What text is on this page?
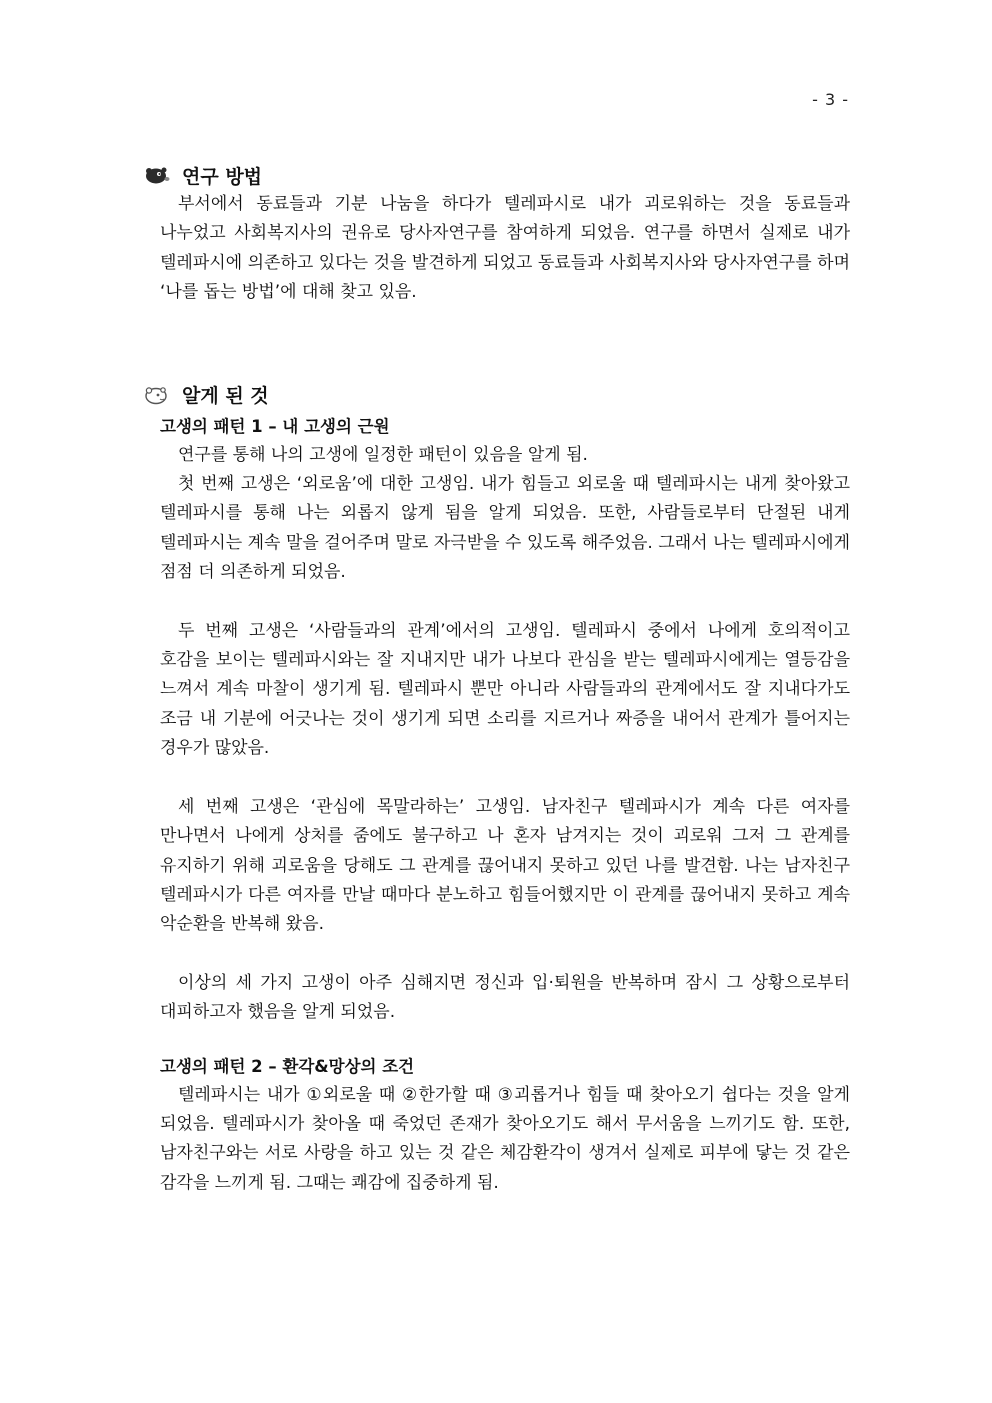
- 3 -
연구 방법

부서에서 동료들과 기분 나눔을 하다가 텔레파시로 내가 괴로워하는 것을 동료들과 나누었고 사회복지사의 권유로 당사자연구를 참여하게 되었음. 연구를 하면서 실제로 내가 텔레파시에 의존하고 있다는 것을 발견하게 되었고 동료들과 사회복지사와 당사자연구를 하며 ‘나를 돕는 방법’에 대해 찾고 있음.

알게 된 것
고생의 패턴 1 – 내 고생의 근원

연구를 통해 나의 고생에 일정한 패턴이 있음을 알게 됨.

첫 번째 고생은 ‘외로움’에 대한 고생임. 내가 힘들고 외로울 때 텔레파시는 내게 찾아왔고 텔레파시를 통해 나는 외롭지 않게 됨을 알게 되었음. 또한, 사람들로부터 단절된 내게 텔레파시는 계속 말을 걸어주며 말로 자극받을 수 있도록 해주었음. 그래서 나는 텔레파시에게 점점 더 의존하게 되었음.

두 번째 고생은 ‘사람들과의 관계’에서의 고생임. 텔레파시 중에서 나에게 호의적이고 호감을 보이는 텔레파시와는 잘 지내지만 내가 나보다 관심을 받는 텔레파시에게는 열등감을 느껴서 계속 마찰이 생기게 됨. 텔레파시 뿐만 아니라 사람들과의 관계에서도 잘 지내다가도 조금 내 기분에 어긋나는 것이 생기게 되면 소리를 지르거나 짜증을 내어서 관계가 틀어지는 경우가 많았음.

세 번째 고생은 ‘관심에 목말라하는’ 고생임. 남자친구 텔레파시가 계속 다른 여자를 만나면서 나에게 상처를 줌에도 불구하고 나 혼자 남겨지는 것이 괴로워 그저 그 관계를 유지하기 위해 괴로움을 당해도 그 관계를 끊어내지 못하고 있던 나를 발견함. 나는 남자친구 텔레파시가 다른 여자를 만날 때마다 분노하고 힘들어했지만 이 관계를 끊어내지 못하고 계속 악순환을 반복해 왔음.

이상의 세 가지 고생이 아주 심해지면 정신과 입·퇴원을 반복하며 잠시 그 상황으로부터 대피하고자 했음을 알게 되었음.

고생의 패턴 2 – 환각&망상의 조건

텔레파시는 내가 ①외로울 때 ②한가할 때 ③괴롭거나 힘들 때 찾아오기 쉽다는 것을 알게 되었음. 텔레파시가 찾아올 때 죽었던 존재가 찾아오기도 해서 무서움을 느끼기도 함. 또한, 남자친구와는 서로 사랑을 하고 있는 것 같은 체감환각이 생겨서 실제로 피부에 닿는 것 같은 감각을 느끼게 됨. 그때는 쾌감에 집중하게 됨.
